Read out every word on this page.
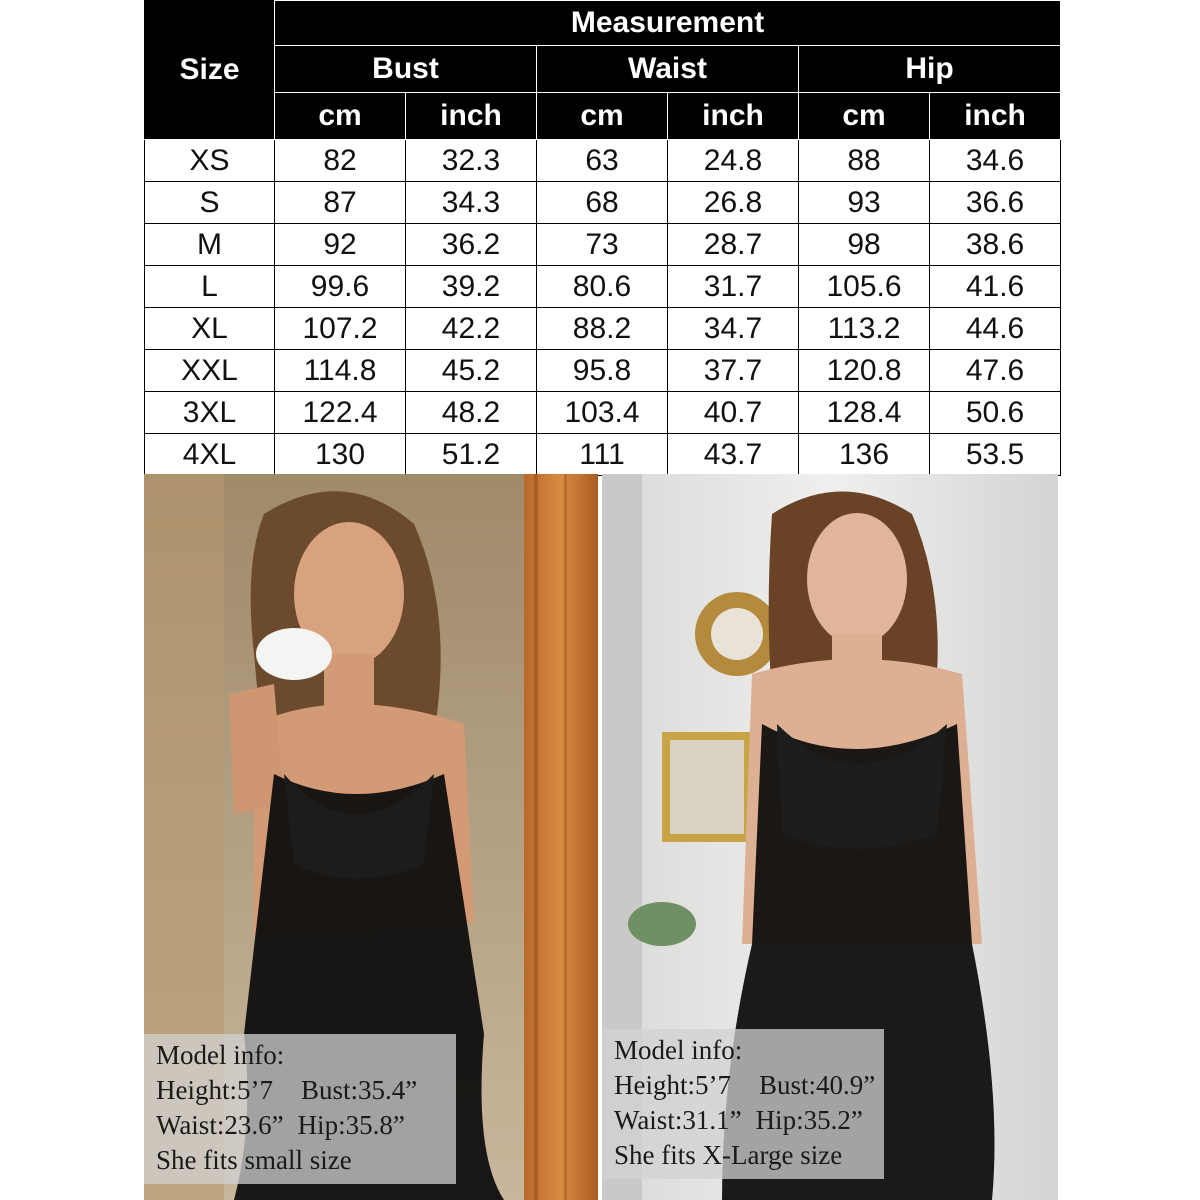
Size	Measurement					
	Bust		Waist		Hip	
	cm	inch	cm	inch	cm	inch
XS	82	32.3	63	24.8	88	34.6
S	87	34.3	68	26.8	93	36.6
M	92	36.2	73	28.7	98	38.6
L	99.6	39.2	80.6	31.7	105.6	41.6
XL	107.2	42.2	88.2	34.7	113.2	44.6
XXL	114.8	45.2	95.8	37.7	120.8	47.6
3XL	122.4	48.2	103.4	40.7	128.4	50.6
4XL	130	51.2	111	43.7	136	53.5
Model info:
Height:5’7 Bust:35.4”
Waist:23.6” Hip:35.8”
She fits small size
Model info:
Height:5’7 Bust:40.9”
Waist:31.1” Hip:35.2”
She fits X-Large size
